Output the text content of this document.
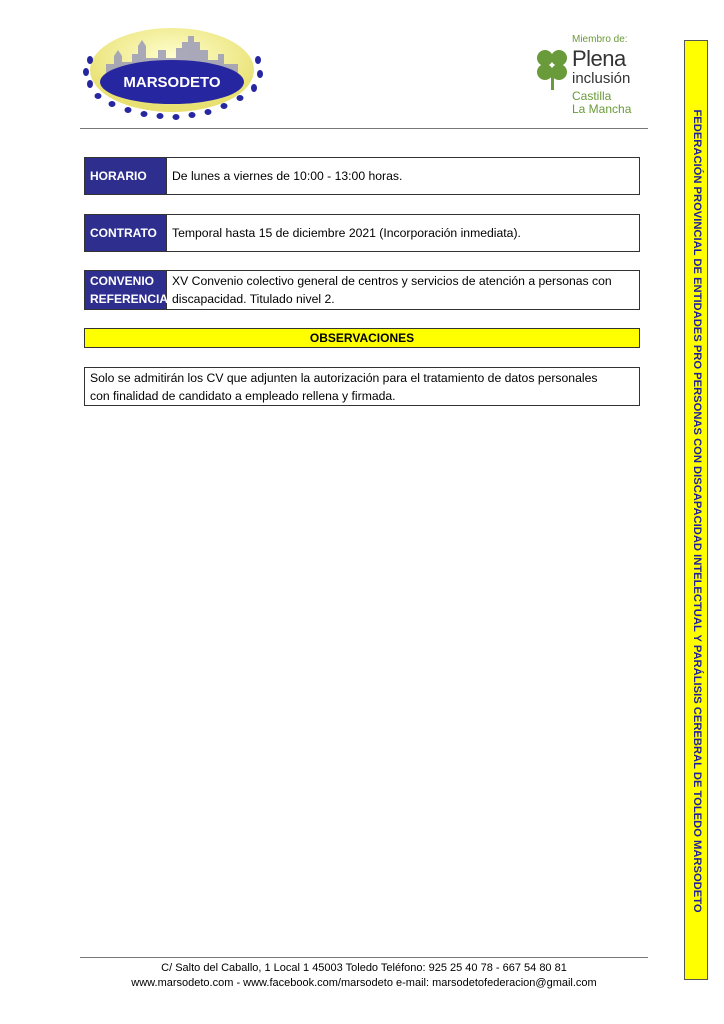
MARSODETO
Miembro de:
Plena
inclusión
Castilla
La Mancha
FEDERACIÓN PROVINCIAL DE ENTIDADES PRO PERSONAS CON DISCAPACIDAD INTELECTUAL Y PARÁLISIS CEREBRAL DE TOLEDO MARSODETO
HORARIO	De lunes a viernes de 10:00 - 13:00 horas.
CONTRATO	Temporal hasta 15 de diciembre 2021 (Incorporación inmediata).
CONVENIO
REFERENCIA
XV Convenio colectivo general de centros y servicios de atención a personas con
discapacidad. Titulado nivel 2.
OBSERVACIONES
Solo se admitirán los CV que adjunten la autorización para el tratamiento de datos personales
con finalidad de candidato a empleado rellena y firmada.
C/ Salto del Caballo, 1 Local 1 45003 Toledo Teléfono: 925 25 40 78 - 667 54 80 81
www.marsodeto.com - www.facebook.com/marsodeto e-mail: marsodetofederacion@gmail.com
